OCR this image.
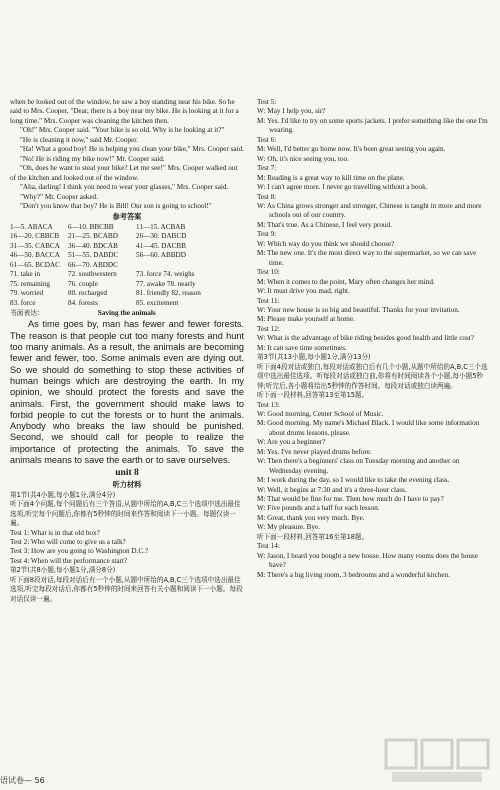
when he looked out of the window, he saw a boy standing near his bike. So he said to Mrs. Cooper, "Dear, there is a boy near my bike. He is looking at it for a long time." Mrs. Cooper was cleaning the kitchen then.

"Oh!" Mrs. Cooper said. "Your bike is so old. Why is he looking at it?"

"He is cleaning it now," said Mr. Cooper.

"Ha! What a good boy! He is helping you clean your bike," Mrs. Cooper said.

"No! He is riding my bike now!" Mr. Cooper said.

"Oh, does he want to steal your bike? Let me see!" Mrs. Cooper walked out of the kitchen and looked out of the window.

"Aha, darling! I think you need to wear your glasses," Mrs. Cooper said.

"Why?" Mr. Cooper asked.

"Don't you know that boy? He is Bill! Our son is going to school!"

参考答案
1—5. ABACA	6—10. BBCBB	11—15. ACBAB
16—20. CBBCB	21—25. BCABD	26—30. DABCD
31—35. CABCA	36—40. BDCAB	41—45. DACBB
46—50. BACCA	51—55. DABDC	56—60. ABBDD
61—65. BCDAC	66—70. ABDDC
71. take in	72. southwestern	73. force 74. weighs
75. remaining	76. couple	77. awake 78. nearly
79. worried	80. recharged	81. friendly 82. reason
83. force	84. forests	85. excitement
书面表达:	Saving the animals

As time goes by, man has fewer and fewer forests. The reason is that people cut too many forests and hunt too many animals. As a result, the animals are becoming fewer and fewer, too. Some animals even are dying out. So we should do something to stop these activities of human beings which are destroying the earth. In my opinion, we should protect the forests and save the animals. First, the government should make laws to forbid people to cut the forests or to hunt the animals. Anybody who breaks the law should be punished. Second, we should call for people to realize the importance of protecting the animals. To save the animals means to save the earth or to save ourselves.

unit 8
听力材料

第1节(共4小题,每小题1分,满分4分)

听下面4个问题,每个问题后有三个答语,从题中所给的A,B,C三个选项中选出最佳选项,听完每个问题后,你都有5秒钟的时间来作答和阅读下一小题。每题仅读一遍。

Test 1: What is in that old box?

Test 2: Who will come to give us a talk?

Test 3: How are you going to Washington D.C.?

Test 4: When will the performance start?

第2节(共8小题,每小题1分,满分8分)

听下面8段对话,每段对话后有一个小题,从题中所给的A,B,C三个选项中选出最佳选项,听完每段对话后,你都有5秒钟的时间来回答有关小题和阅读下一小题。每段对话仅读一遍。

Test 5:

W: May I help you, sir?

M: Yes. I'd like to try on some sports jackets. I prefer something like the one I'm wearing.

Test 6:

M: Well, I'd better go home now. It's been great seeing you again.

W: Oh, it's nice seeing you, too.

Test 7:

M: Reading is a great way to kill time on the plane.

W: I can't agree more. I never go travelling without a book.

Test 8:

W: As China grows stronger and stronger, Chinese is taught in more and more schools out of our country.

M: That's true. As a Chinese, I feel very proud.

Test 9:

W: Which way do you think we should choose?

M: The new one. It's the most direct way to the supermarket, so we can save time.

Test 10:

M: When it comes to the point, Mary often changes her mind.

W: It must drive you mad, right.

Test 11:

W: Your new house is so big and beautiful. Thanks for your invitation.

M: Please make yourself at home.

Test 12:

W: What is the advantage of bike riding besides good health and little cost?

M: It can save time sometimes.

第3节(共13小题,每小题1分,满分13分)

听下面4段对话或独白,每段对话或独白后有几个小题,从题中所给的A,B,C三个选项中选出最佳选项。听每段对话或独白前,你将有时间阅读各个小题,每小题5秒钟;听完后,各小题将给出5秒钟的作答时间。每段对话或独白读两遍。

听下面一段材料,回答第13至第15题。

Test 13:

W: Good morning, Center School of Music.

M: Good morning. My name's Michael Black. I would like some information about drums lessons, please.

W: Are you a beginner?

M: Yes, I've never played drums before.

W: Then there's a beginners' class on Tuesday morning and another on Wednesday evening.

M: I work during the day, so I would like to take the evening class.

W: Well, it begins at 7:30 and it's a three-hour class.

M: That would be fine for me. Then how much do I have to pay?

W: Five pounds and a half for each lesson.

M: Great, thank you very much. Bye.

W: My pleasure. Bye.

听下面一段材料,回答第16至第18题。

Test 14:

W: Jason, I heard you bought a new house. How many rooms does the house have?

M: There's a big living room, 3 bedrooms and a wonderful kitchen.

语试卷— 56
